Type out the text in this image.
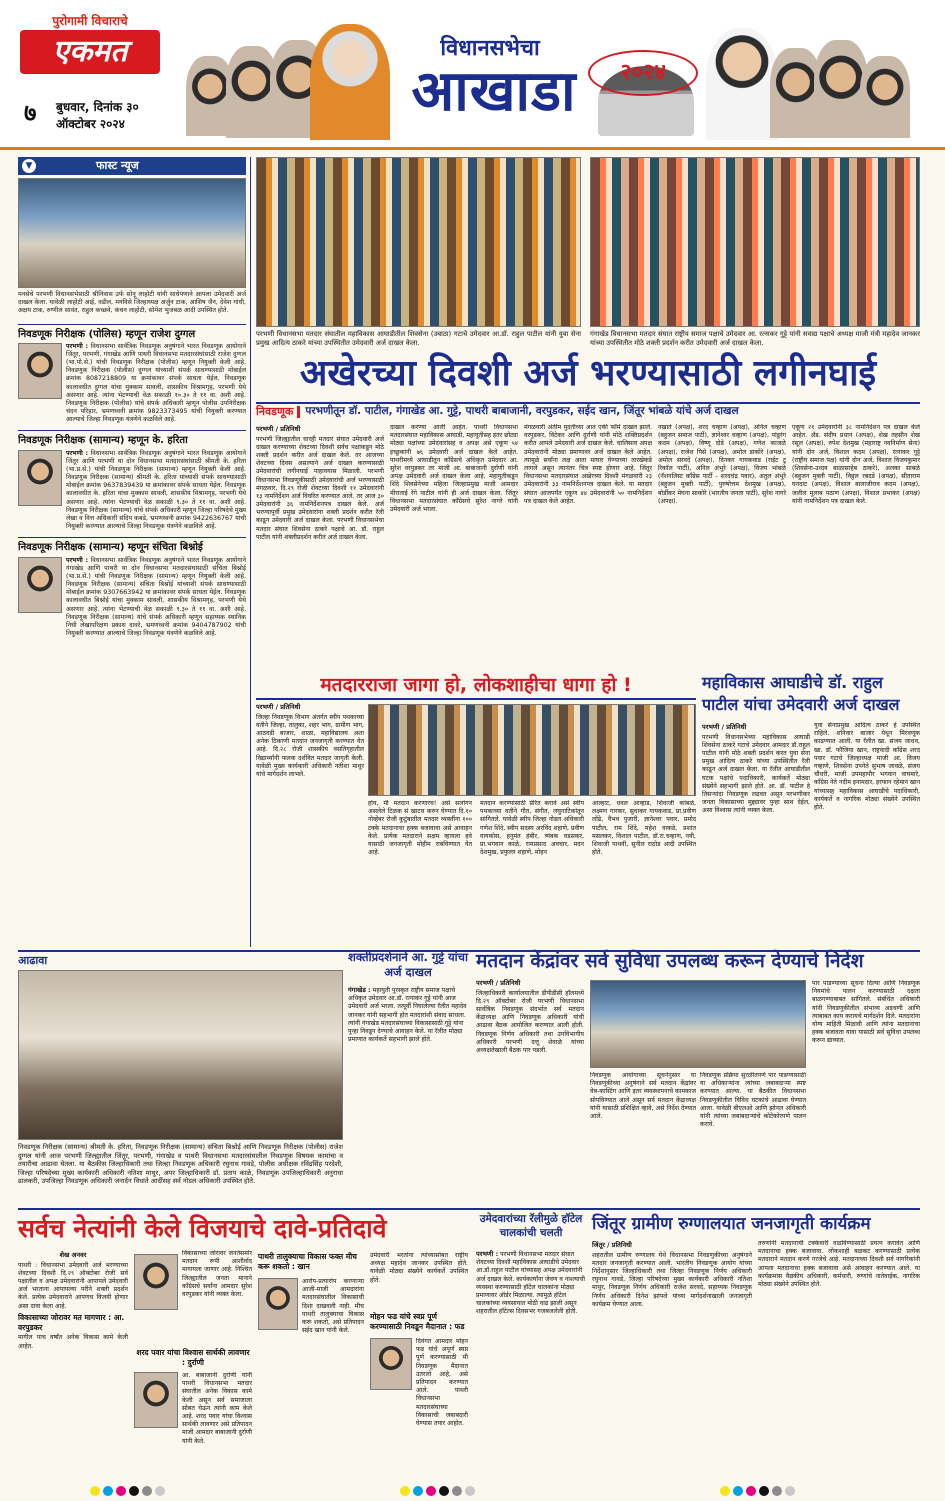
पुरोगामी विचाराचे
एकमत
७ बुधवार, दिनांक ३०
ऑक्टोबर २०२४
विधानसभेचा
आखाडा	२०२४
▼	फास्ट न्यूज
मनसेचे परभणी विधानसभेसाठी श्रीनिवास उर्फ सोनू लाहोटी यांनी साधेपणाने आपला उमेदवारी अर्ज दाखल केला. यावेळी लाहोटी आई, वडील, मनविसे जिल्हाध्यक्ष अर्जुन टाक, आशिष जैन, देवेश गांधी, अक्षय टाक, रुग्णील सावंत, राहुल कच्छवे, कंचन लाहोटी, सोमेश भुजबळ आदी उपस्थित होते.
निवडणूक निरीक्षक (पोलिस) म्हणून राजेश दुग्गल
परभणी : विधानसभा सार्वत्रिक निवडणूक अनुषंगाने भारत निवडणूक आयोगाने जिंतूर, परभणी, गंगाखेड आणि पाथरी विधानसभा मतदारसंघांसाठी राजेश दुग्गल (भा.पो.से.) यांची निवडणूक निरीक्षक (पोलीस) म्हणून नियुक्ती केली आहे. निवडणूक निरीक्षक (पोलीस) दुग्गल यांच्याशी संपर्क साधण्यासाठी मोबाईल क्रमांक 8087218809 या क्रमांकावर संपर्क साधता येईल. निवडणूक कालावधीत दुग्गल यांचा मुक्काम सावली, शासकीय विश्रामगृह, परभणी येथे असणार आहे. त्यांना भेटण्याची वेळ सकाळी १०.३० ते ११ वा. अशी आहे. निवडणूक निरीक्षक (पोलीस) यांचे संपर्क अधिकारी म्हणून पोलीस उपनिरीक्षक चंदन परिहार, भ्रमणध्वनी क्रमांक 9823373495 यांची नियुक्ती करण्यात आल्याचे जिल्हा निवडणूक यंत्रणेने कळविले आहे.
निवडणूक निरीक्षक (सामान्य) म्हणून के. हरिता
परभणी : विधानसभा सार्वत्रिक निवडणूक अनुषंगाने भारत निवडणूक आयोगाने जिंतूर आणि परभणी या दोन विधानसभा मतदारसंघांसाठी श्रीमती के. हरिता (भा.प्र.से.) यांची निवडणूक निरीक्षक (सामान्य) म्हणून नियुक्ती केली आहे. निवडणूक निरीक्षक (सामान्य) श्रीमती के. हरिता यांच्याशी संपर्क साधण्यासाठी मोबाईल क्रमांक 9637839439 या क्रमांकावर संपर्क साधता येईल. निवडणूक कालावधीत के. हरिता यांचा मुक्काम सावली, शासकीय विश्रामगृह, परभणी येथे असणार आहे. त्यांना भेटण्याची वेळ सकाळी ९.३० ते ११ वा. अशी आहे. निवडणूक निरीक्षक (सामान्य) यांचे संपर्क अधिकारी म्हणून जिल्हा परिषदेचे मुख्य लेखा व वित्त अधिकारी संदिप कबडे, भ्रमणध्वनी क्रमांक 9422636767 यांची नियुक्ती करण्यात आल्याचे जिल्हा निवडणूक यंत्रणेने कळविले आहे.
निवडणूक निरीक्षक (सामान्य) म्हणून संचिता बिश्नोई
परभणी : विधानसभा सार्वत्रिक निवडणूक अनुषंगाने भारत निवडणूक आयोगाने गंगाखेड आणि पाथरी या दोन विधानसभा मतदारसंघांसाठी संचिता बिश्नोई (भा.प्र.से.) यांची निवडणूक निरीक्षक (सामान्य) म्हणून नियुक्ती केली आहे. निवडणूक निरीक्षक (सामान्य) संचिता बिश्नोई यांच्याशी संपर्क साधण्यासाठी मोबाईल क्रमांक 9307663942 या क्रमांकावर संपर्क साधता येईल. निवडणूक कालावधीत बिश्नोई यांचा मुक्काम सावली, शासकीय विश्रामगृह, परभणी येथे असणार आहे. त्यांना भेटण्याची वेळ सकाळी ९.३० ते ११ वा. अशी आहे. निवडणूक निरीक्षक (सामान्य) यांचे संपर्क अधिकारी म्हणून सहाय्यक स्थानिक निधी लेखापरिक्षण प्रकाश दावरे, भ्रमणध्वनी क्रमांक 9404787902 यांची नियुक्ती करण्यात आल्याचे जिल्हा निवडणूक यंत्रणेने कळविले आहे.
परभणी विधानसभा मतदार संघातील महाविकास आघाडीतील शिवसेना (उबाठा) गटाचे उमेदवार आ.डॉ. राहुल पाटील यांनी युवा सेना प्रमुख आदित्य ठाकरे यांच्या उपस्थितीत उमेदवारी अर्ज दाखल केला.
गंगाखेड विधानसभा मतदार संघात राष्ट्रीय समाज पक्षाचे उमेदवार आ. रत्नाकर गुट्टे यांनी सवाद्य पक्षाचे अध्यक्ष माजी मंत्री महादेव जानकर यांच्या उपस्थितीत मोठे शक्ती प्रदर्शन करीत उमेदवारी अर्ज दाखल केला.
अखेरच्या दिवशी अर्ज भरण्यासाठी लगीनघाई
निवडणूक परभणीतून डॉ. पाटील, गंगाखेड आ. गुट्टे, पाथरी बाबाजानी, वरपुडकर, सईद खान, जिंतूर भांबळे यांचे अर्ज दाखल
परभणी / प्रतिनिधी

परभणी जिल्ह्यातील चारही मतदार संघात उमेदवारी अर्ज दाखल करण्याच्या शेवटच्या दिवशी सर्वच पक्षांकडून मोठे शक्ती प्रदर्शन करीत अर्ज दाखल केले. तर आजच्या शेवटच्या दिवस असल्याने अर्ज दाखल करण्यासाठी उमेदवारांची लगीनघाई पाहावयास मिळाली. परभणी विधानसभा निवडणूकीसाठी उमेदवारांची अर्ज भरण्यासाठी मंगळवार, दि.२९ रोजी शेवटच्या दिवशी ११ उमेदवारांनी १३ नामनिर्देशन अर्ज विवरित करण्यात आले. तर आज ३० उमेदवारांनी ३६ नामनिर्देशनपत्र दाखल केले. अर्ज भरण्यापूर्वी प्रमुख उमेदवारांना शक्ती प्रदर्शन करीत रॅली काढून उमेदवारी अर्ज दाखल केला. परभणी विधानसभेचा मतदार संघात शिवसेना ठाकरे पक्षाचे आ. डॉ. राहुल पाटील यांनी शक्तीप्रदर्शन करीत अर्ज दाखल केला.

दाखल करण्या आली आहेत. पाथरी विधानसभा मतदारसंघात महाविकास आघाडी, महायुतीसह इतर छोट्या मोठ्या पक्षांच्या उमेदवारांसह व अपक्ष असे एकूण ५४ इच्छुकांनी ७६ उमेदवारी अर्ज दाखल केले आहेत. पाथरीमध्ये आघाडीतून काँग्रेसचे अधिकृत उमेदवार आ. सुरेश वरपुडकर तर माजी आ. बाबाजानी दुर्राणी यांनी अपक्ष उमेदवारी अर्ज दाखल केला आहे. महायुतीकडून शिंदे शिवसेनेच्या महिला जिल्हाप्रमुख माजी आमदार मीराताई रेंगे पाटील यांनी ही अर्ज दाखल केला. जिंतूर विधानसभा मतदारसंघात काँग्रेसचे सुरेश नागरे यांनी उमेदवारी अर्ज भरला.

मंगळवारी अंतीम मुदतीच्या आत एकी फॉर्म दाखल झाले. वरपुडकर, विटेकर आणि दुर्राणी यांनी मोठे शक्तिप्रदर्शन करीत आपले उमेदवारी अर्ज दाखल केले. चालिसाव अपक्ष उमेदवारांनी मोठ्या प्रमाणावर अर्ज दाखल केले आहेत. त्यामुळे सर्वांना लक्ष आता माघार घेण्याच्या तारखेकडे लागले असून त्यानंतर चित्र स्पष्ट होणार आहे. जिंतूर विधानसभा मतदारसंघात अखेरच्या दिवशी मंगळवारी २३ उमेदवारांनी ३३ नामनिर्देशनपत्र दाखल केले. या मतदार संघात आजपर्यंत एकूण ४४ उमेदवारांनी ५० नामनिर्देशन पत्र दाखल केले आहेत.

नखाते (अपक्ष), शरद चव्हाण (अपक्ष), अनिल चव्हाण (बहुजन समाज पार्टी), ज्ञानेश्वर चव्हाण (अपक्ष), पांडुरंग कदम (अपक्ष), विष्णू दोडे (अपक्ष), गणेश काजळे (अपक्ष), राजेश पिसे (अपक्ष), अमोल डाकोरे (अपक्ष), अमोल सरवदे (अपक्ष), दिनकर गायकवाड (राईट टू रिकॉल पार्टी), अनिल अंभुरे (अपक्ष), विजय भांबळे (नॅशनलिस्ट काँग्रेस पार्टी - शरदचंद्र पवार), अतुल अंभुरे (बहुजन मुक्ती पार्टी), पुरुषोत्तम देशमुख (अपक्ष), बोर्डीकर मेघना साकोरे (भारतीय जनता पार्टी), सुरेश नागरे (अपक्ष).

एकूण २१ उमेदवारांनी ३८ नामनिर्देशन पत्र दाखल केले आहेत. ॲड. संदीप प्रधान (अपक्ष), शेख तहसीन शेख रसूल (अपक्ष), रुपेश देशमुख (महाराष्ट्र नवनिर्माण सेना) यांनी दोन अर्ज, विशाल कदम (अपक्ष), रत्नाकर गुट्टे (राष्ट्रीय समाज पक्ष) यांनी दोन अर्ज, विशाल विजयकुमार (शिवसेना-उध्दव बाळासाहेब ठाकरे), अलका साबळे (बहुजन मुक्ती पार्टी), विठ्ठल रबदडे (अपक्ष), सीताराम घनदाट (अपक्ष), विशाल बालाजीराव कदम (अपक्ष), जलील मुलाब पठाण (अपक्ष), विशाल प्रभाकर (अपक्ष) यांनी नामनिर्देशन पत्र दाखल केले.

मतदारराजा जागा हो, लोकशाहीचा धागा हो !
परभणी / प्रतिनिधी

जिल्हा निवडणूक विभाग अंतर्गत स्वीप पथकाच्या वतीने जिल्हा, तालुका, शहर भाग, ग्रामीण भाग, आठवडी बाजार, शाळा, महाविद्यालय अशा अनेक ठिकाणी मतदान जनजागृती करण्यात येत आहे. दि.२८ रोजी शासकीय वसतिगृहातील विद्यार्थ्यांनी फलक दर्शवित मतदार जागृती केली. यावेळी मुख्य कार्यकारी अधिकारी नतीशा माथुर यांचे मार्गदर्शन लाभले.

होय, मी मतदान करणारच! असे सलोगन असलेले टिळक सं खाटच करुन घेण्यात दि.१० नोव्हेंबर रोजी कुटुंबातील मतदार व्यक्तींना १०० टक्के मतदानाचा हक्क बजावावा असे आवाहन केले. प्रत्येक मतदाराने सक्षम व्हायला हवे यासाठी जनजागृती मोहीम राबविण्यात येत आहे.

मतदान करण्यासाठी प्रेरित करावे असे स्वीप पथकाच्या वतीने गीत, संगीत, लघुनाटिकांतून सांगितले. यावेळी स्वीप जिल्हा नोडल अधिकारी गणेश शिंदे, स्वीप सदस्य अरविंद शहाणे, प्रवीण वायकोस, हनुमंत हंबीर, त्र्यंबक वडसकर, प्रा.भगवान काळे, रामप्रसाद अवचार, मदन देशमुख, प्रफुल्ल शहाणे, मोहन

आल्हाट, धवल आव्हाड, शिवाजी कांबळे, लक्ष्मण गारकर, सुधाकर गायकवाड, प्रा.प्रवीण लोंढे, वैभव पुजारी, ज्ञानेश्वर पवार, प्रमोद पाटील, राम शिंदे, महेश वाकडे, प्रशांत मसलकर, विशाल पाटील, डॉ.रा.चव्हाण, नवी, शिवाजी पाथवी, सुनील राठोड आदी उपस्थित होते.

महाविकास आघाडीचे डॉ. राहुल पाटील यांचा उमेदवारी अर्ज दाखल
परभणी / प्रतिनिधी

परभणी विधानसभेच्या महाविकास आघाडी शिवसेना ठाकरे गटाचे उमेदवार आमदार डॉ.राहुल पाटील यांनी मोठे शक्ती प्रदर्शन करत युवा सेना प्रमुख आदित्य ठाकरे यांच्या उपस्थितीत रॅली काढून अर्ज दाखल केला. या रॅलीत आघाडीतील घटक पक्षांचे पदाधिकारी, कार्यकर्ते मोठ्या संख्येने सहभागी झाले होते. आ. डॉ. पाटील हे तिसऱ्यांदा निवडणूक लढवत असून परभणीकर जनता विकासाच्या मुद्द्यावर पुन्हा साथ देईल, असा विश्वास त्यांनी व्यक्त केला.

युवा सेनाप्रमुख आदित्य ठाकरे हे उपस्थित राहिले. शनिवार बाजार येथून मिरवणूक काढण्यात आली. या रॅलीत खा. संजय जाधव, खा. डॉ. फौजिया खान, राष्ट्रवादी काँग्रेस शरद पवार गटाचे जिल्हाध्यक्ष माजी आ. विजय गव्हाणे, शिवसेना उपनेते सुभाष जावळे, संजय चौधरी, माजी उपमहापौर भगवान वाघमारे, काँग्रेस नेते नदीम इनामदार, इरफान रहेमान खान यांच्यासह महाविकास आघाडीचे पदाधिकारी, कार्यकर्ते व नागरिक मोठ्या संख्येने उपस्थित होते.

आढावा
निवडणूक निरीक्षक (सामान्य) श्रीमती के. हरिता, निवडणूक निरीक्षक (सामान्य) संचिता बिश्नोई आणि निवडणूक निरीक्षक (पोलीस) राजेश दुग्गल यांनी आज परभणी जिल्ह्यातील जिंतूर, परभणी, गंगाखेड व पाथरी विधानसभा मतदारसंघातील निवडणूक विषयक कामांचा व तयारीचा आढावा घेतला. या बैठकीस जिल्हाधिकारी तथा जिल्हा निवडणूक अधिकारी रघुनाथ गावडे, पोलीस अधीक्षक रविंद्रसिंह परदेशी, जिल्हा परिषदेच्या मुख्य कार्यकारी अधिकारी नतिशा माथुर, अपर जिल्हाधिकारी डॉ. प्रताप काळे, निवडणूक उपजिल्हाधिकारी अनुराधा ढालकरी, उपजिल्हा निवडणूक अधिकारी जनार्दन विधाते आदींसह सर्व नोडल अधिकारी उपस्थित होते.
शक्तीप्रदर्शनाने आ. गुट्टे यांचा अर्ज दाखल
गंगाखेड : महायुती पुरस्कृत राष्ट्रीय समाज पक्षाचे अधिकृत उमेदवार आ.डॉ. रत्नाकर गुट्टे यांनी आज उमेदवारी अर्ज भरला. तत्पूर्वी निघालेल्या रॅलीत महादेव जानकर यांनी सहभागी होत मतदारांशी संवाद साधला. त्यांनी गंगाखेड मतदारसंघाच्या विकासासाठी गुट्टे यांना पुन्हा निवडून देण्याचे आवाहन केले. या रॅलीत मोठ्या प्रमाणात कार्यकर्ते सहभागी झाले होते.
मतदान केंद्रांवर सर्व सुविधा उपलब्ध करून देण्याचे निर्देश
परभणी / प्रतिनिधी

जिल्हाधिकारी कार्यालयातील डीपीडीसी हॉलमध्ये दि.२९ ऑक्टोबर रोजी परभणी विधानसभा सार्वत्रिक निवडणूक संदर्भात सर्व मतदान केंद्राध्यक्ष आणि निवडणूक अधिकारी यांची आढावा बैठक आयोजित करण्यात आली होती. निवडणूक निर्णय अधिकारी तथा उपविभागीय अधिकारी परभणी दत्तू शेवाळे यांच्या अध्यक्षतेखाली बैठक पार पडली.

पार पाडण्याच्या सूचना दिल्या आणि निवडणूक नियमांचे पालन करण्यासाठी दक्षता बाळगण्याबाबत सांगितले. संबंधित अधिकारी यांनी निवडणुकीतील संभाव्य अडचणी आणि त्याबाबत काय करायचे मार्गदर्शन दिले. मतदारांना योग्य माहिती मिळावी आणि त्यांना मतदानाचा हक्क बजावता यावा यासाठी सर्व सुविधा उपलब्ध करून द्याव्यात.

निवडणूक आयोगाच्या सूचनेनुसार या निवडणुकीच्या अनुषंगाने सर्व मतदान केंद्रांवर वेब-कास्टिंग आणि इतर व्यवस्थापनाचे कामकाज सोपविण्यात आले असून सर्व मतदान केंद्राध्यक्ष यांनी यासाठी प्रशिक्षित व्हावे, असे निर्देश देण्यात आले.

निवडणूक प्रक्रिया सुरळीतपणे पार पाडण्यासाठी या अधिकाऱ्यांना त्यांच्या जबाबदाऱ्या स्पष्ट करण्यात आल्या. या बैठकीत विधानसभा निवडणूकीतील विविध घटकांचे आढावा घेण्यात आला. यावेळी बीएलओ आणि झोनल अधिकारी यांनी त्यांच्या जबाबदाऱ्यांचे कोटेकोरपणे पालन करावे.

सर्वच नेत्यांनी केले विजयाचे दावे-प्रतिदावे
शेख अनवर

पाथरी : विधानसभा उमेदवारी अर्ज भरण्याच्या शेवटच्या दिवशी दि.२९ ऑक्टोबर रोजी सर्व पक्षातील व अपक्ष उमेदवारांनी आपापले उमेदवारी अर्ज भरताना आपापल्या परीने शक्ती प्रदर्शन केले. प्रत्येक उमेदवाराने आपणच विजयी होणार असा दावा केला आहे.

विकासाच्या जोरावर मत मागणार : आ. वरपुडकर

मागील पाच वर्षांत अनेक विकास कामे केली आहेत.

विकासाच्या जोरावर जनतेसमोर मतदान रूपी आशीर्वाद मागायला जाणार आहे. निश्चित जिल्ह्यातील जनता मानाने काँग्रेसचे सर्वांना आमदार सुरेश वरपुडकर यांनी व्यक्त केला.

शरद पवार यांचा विश्वास सार्थकी लावणार : दुर्राणी

आ. बाबाजानी दुर्राणी यांनी पाथरी विधानसभा मतदार संघातील अनेक विकास कामे केली असून सर्व समाजाला सोबत घेऊन त्यांनी काम केले आहे. शरद पवार यांचा विश्वास सार्थकी लावणार असे प्रतिपादन माजी आमदार बाबाजानी दुर्राणी यांनी केले.

पाथरी तालुक्याचा विकास फक्त मीच करू शकतो : खान

आरोप-प्रत्यारोप करणाऱ्या आजी-माजी आमदारांना मतदारसंघातील विकासाची दिशा दाखवली नाही. मीच पाथरी तालुक्याचा विकास करू शकतो, असे प्रतिपादन सईद खान यांनी केले.

उमेदवारी भरतांना त्यांच्यासोबत राष्ट्रीय अध्यक्ष महादेव जानकर उपस्थित होते. यावेळी मोठ्या संख्येने कार्यकर्ते उपस्थित होते.

मोहन फड यांचे स्वप्न पूर्ण करण्यासाठी निवडून मैदानात : फड

दिवंगत आमदार मोहन फड यांचे अपूर्ण स्वप्न पूर्ण करण्यासाठी मी निवडणूक मैदानात उतरलो आहे, असे प्रतिपादन करण्यात आले. पाथरी विधानसभा मतदारसंघाच्या विकासाची जबाबदारी घेण्यास तयार आहोत.

उमेदवारांच्या रॅलीमुळे हॉटेल चालकांची चलती
परभणी : परभणी विधानसभा मतदार संघात शेवटच्या दिवशी महाविकास आघाडीचे उमेदवार आ.डॉ.राहुल पाटील यांच्यासह अपक्ष उमेदवारांनी अर्ज दाखल केले. कार्यकर्त्यांना जेवण व नाश्त्याची व्यवस्था करण्यासाठी हॉटेल चालकांना मोठ्या प्रमाणावर ऑर्डर मिळाल्या. त्यामुळे हॉटेल चालकांच्या व्यवसायात मोठी वाढ झाली असून शहरातील हॉटेल्स दिवसभर गजबजलेली होती.
जिंतूर ग्रामीण रुग्णालयात जनजागृती कार्यक्रम
जिंतूर / प्रतिनिधी

शहरातील ग्रामीण रुग्णालय येथे विधानसभा निवडणुकीच्या अनुषंगाने मतदार जनजागृती करण्यात आली. भारतीय निवडणूक आयोग यांच्या निर्देशानुसार जिल्हाधिकारी तथा जिल्हा निवडणूक निर्णय अधिकारी रघुनाथ गावडे, जिल्हा परिषदेच्या मुख्य कार्यकारी अधिकारी नतिशा माथुर, निवडणूक निर्णय अधिकारी राजेश सरवदे, सहाय्यक निवडणूक निर्णय अधिकारी दिनेश झांपले यांच्या मार्गदर्शनाखाली जनजागृती कार्यक्रम घेण्यात आला.

तरुणांनी मतदानाची टक्केवारी वाढविण्यासाठी प्रयत्न करावेत आणि मतदानाचा हक्क बजावावा. लोकशाही बळकट करण्यासाठी प्रत्येक मतदाराने मतदान करणे गरजेचे आहे. मतदानाच्या दिवशी सर्व नागरिकांनी आपला मतदानाचा हक्क बजावावा असे आवाहन करण्यात आले. या कार्यक्रमास वैद्यकीय अधिकारी, कर्मचारी, रुग्णांचे नातेवाईक, नागरिक मोठ्या संख्येने उपस्थित होते.
